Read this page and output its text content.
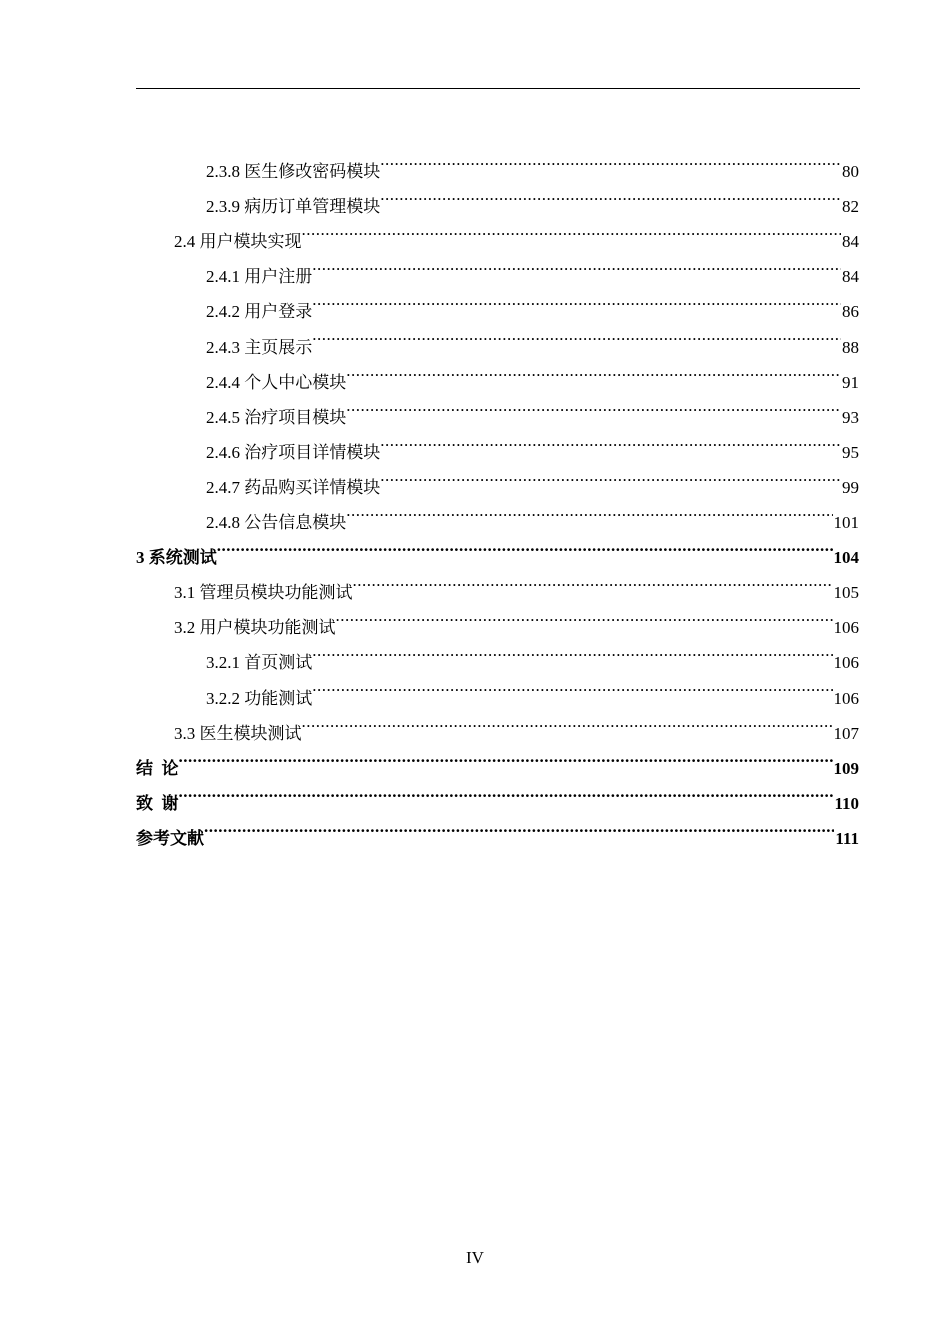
2.3.8 医生修改密码模块 .....	80
2.3.9 病历订单管理模块 .....	82
2.4 用户模块实现 .....	84
2.4.1 用户注册 .....	84
2.4.2 用户登录 .....	86
2.4.3 主页展示 .....	88
2.4.4 个人中心模块 .....	91
2.4.5 治疗项目模块 .....	93
2.4.6 治疗项目详情模块 .....	95
2.4.7 药品购买详情模块 .....	99
2.4.8 公告信息模块 .....	101
3 系统测试 .....	104
3.1 管理员模块功能测试 .....	105
3.2 用户模块功能测试 .....	106
3.2.1 首页测试 .....	106
3.2.2 功能测试 .....	106
3.3 医生模块测试 .....	107
结  论 .....	109
致  谢 .....	110
参考文献 .....	111
IV
